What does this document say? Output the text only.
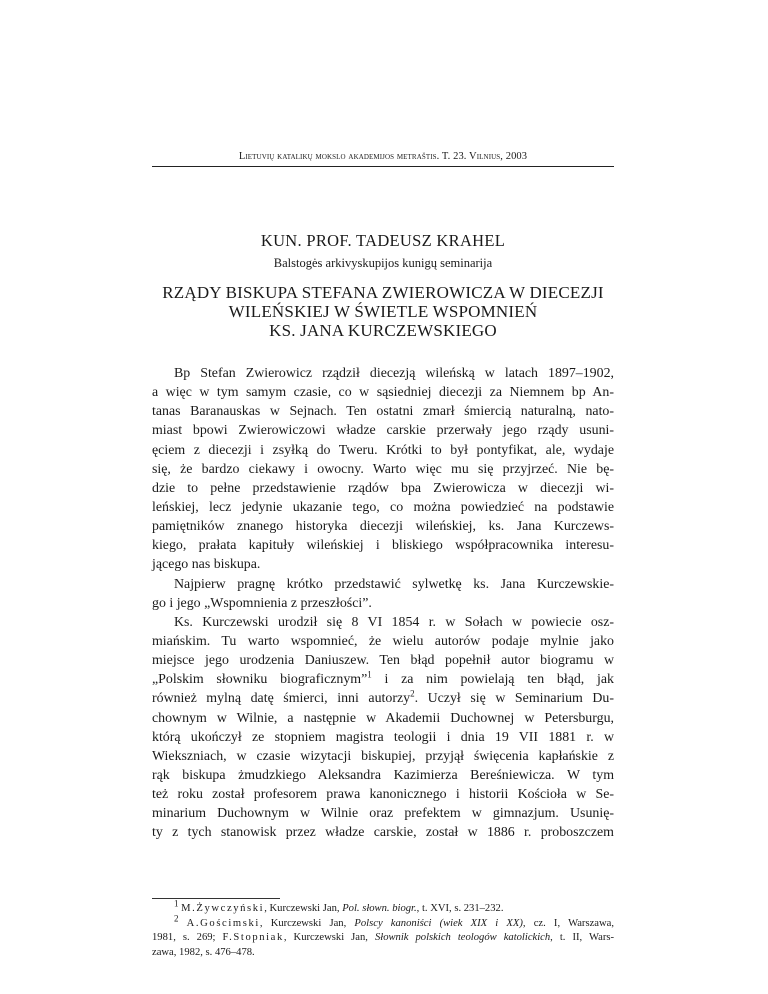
Lietuvių katalikų mokslo akademijos metraštis. T. 23. Vilnius, 2003
KUN. PROF. TADEUSZ KRAHEL
Balstogės arkivyskupijos kunigų seminarija
RZĄDY BISKUPA STEFANA ZWIEROWICZA W DIECEZJI
WILEŃSKIEJ W ŚWIETLE WSPOMNIEŃ
KS. JANA KURCZEWSKIEGO
Bp Stefan Zwierowicz rządził diecezją wileńską w latach 1897–1902,
a więc w tym samym czasie, co w sąsiedniej diecezji za Niemnem bp An-
tanas Baranauskas w Sejnach. Ten ostatni zmarł śmiercią naturalną, nato-
miast bpowi Zwierowiczowi władze carskie przerwały jego rządy usuni-
ęciem z diecezji i zsyłką do Tweru. Krótki to był pontyfikat, ale, wydaje
się, że bardzo ciekawy i owocny. Warto więc mu się przyjrzeć. Nie bę-
dzie to pełne przedstawienie rządów bpa Zwierowicza w diecezji wi-
leńskiej, lecz jedynie ukazanie tego, co można powiedzieć na podstawie
pamiętników znanego historyka diecezji wileńskiej, ks. Jana Kurczews-
kiego, prałata kapituły wileńskiej i bliskiego współpracownika interesu-
jącego nas biskupa.
Najpierw pragnę krótko przedstawić sylwetkę ks. Jana Kurczewskie-
go i jego „Wspomnienia z przeszłości”.
Ks. Kurczewski urodził się 8 VI 1854 r. w Sołach w powiecie osz-
miańskim. Tu warto wspomnieć, że wielu autorów podaje mylnie jako
miejsce jego urodzenia Daniuszew. Ten błąd popełnił autor biogramu w
„Polskim słowniku biograficznym”$^1$ i za nim powielają ten błąd, jak
również mylną datę śmierci, inni autorzy$^2$. Uczył się w Seminarium Du-
chownym w Wilnie, a następnie w Akademii Duchownej w Petersburgu,
którą ukończył ze stopniem magistra teologii i dnia 19 VII 1881 r. w
Wiekszniach, w czasie wizytacji biskupiej, przyjął święcenia kapłańskie z
rąk biskupa żmudzkiego Aleksandra Kazimierza Bereśniewicza. W tym
też roku został profesorem prawa kanonicznego i historii Kościoła w Se-
minarium Duchownym w Wilnie oraz prefektem w gimnazjum. Usunię-
ty z tych stanowisk przez władze carskie, został w 1886 r. proboszczem
$^1$ M.Żywczyński, Kurczewski Jan, Pol. słown. biogr., t. XVI, s. 231–232.
$^2$ A.Gościmski, Kurczewski Jan, Polscy kanoniści (wiek XIX i XX), cz. I, Warszawa,
1981, s. 269; F.Stopniak, Kurczewski Jan, Słownik polskich teologów katolickich, t. II, Wars-
zawa, 1982, s. 476–478.
